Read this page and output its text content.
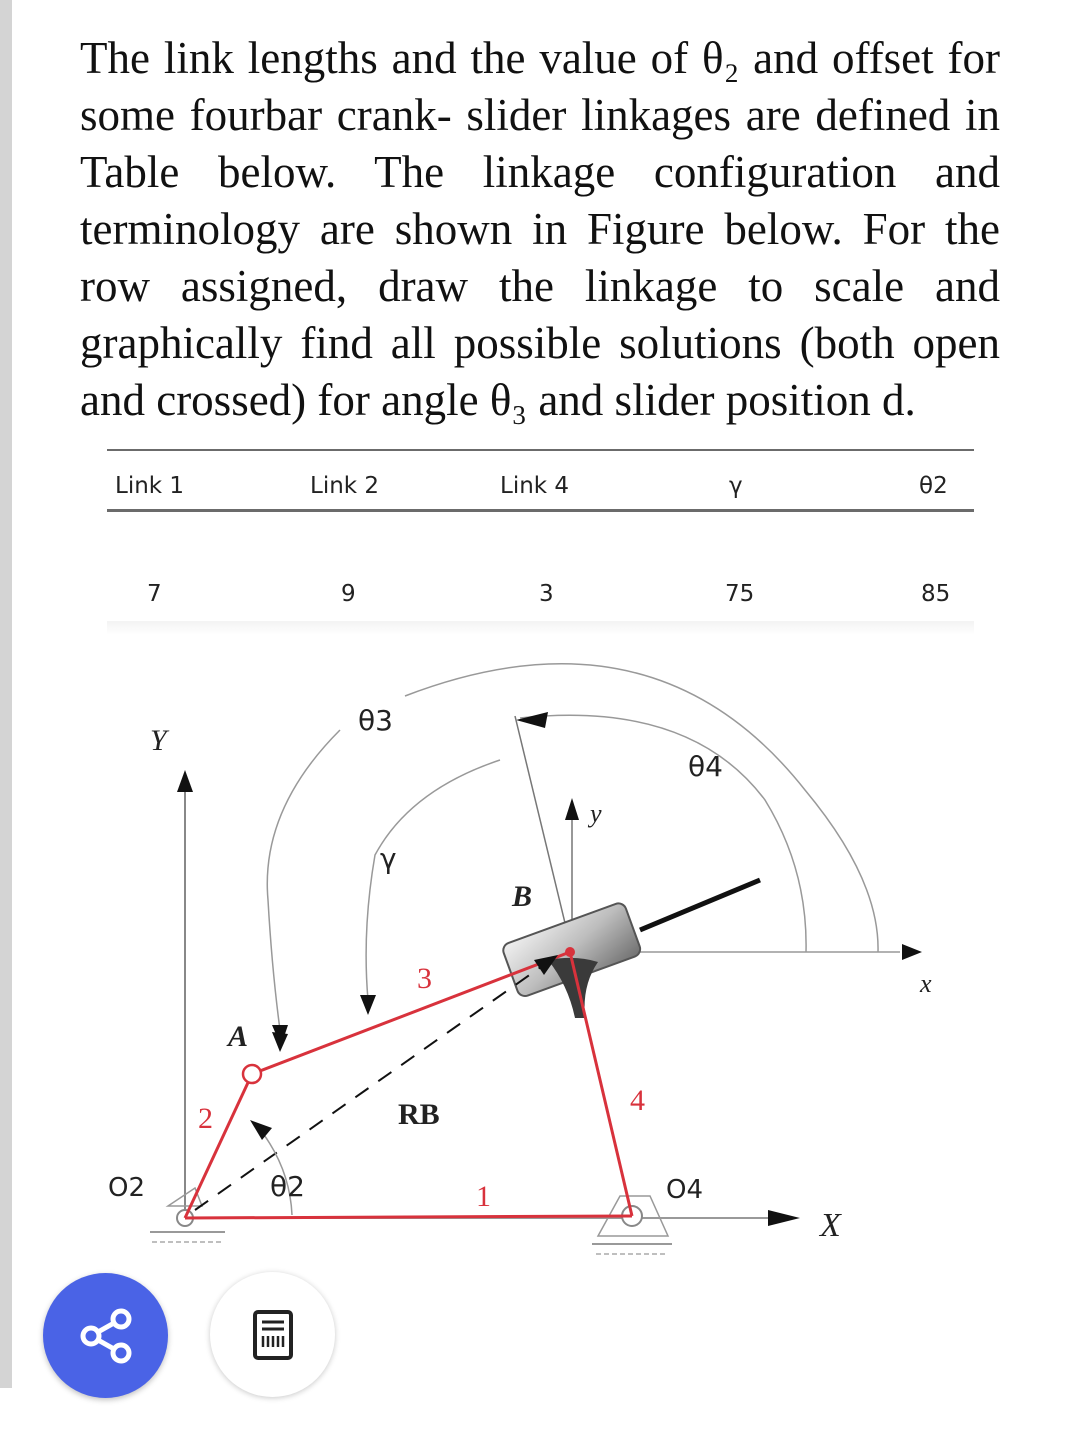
The link lengths and the value of θ₂ and offset for some fourbar crank- slider linkages are defined in Table below. The linkage configuration and terminology are shown in Figure below. For the row assigned, draw the linkage to scale and graphically find all possible solutions (both open and crossed) for angle θ₃ and slider position d.
Link 1	Link 2	Link 4	γ	θ2
7	9	3	75	85
Y
X
x
y
θ3
θ4
γ
θ2
A
B
1
2
3
4
RB
O2	O4
